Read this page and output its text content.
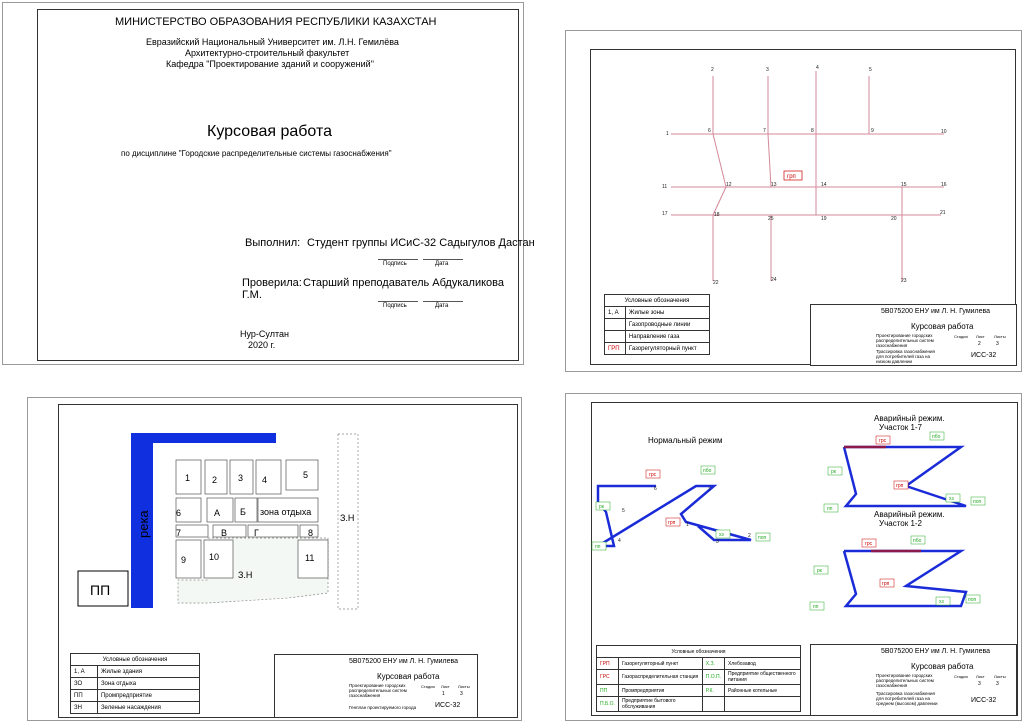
МИНИСТЕРСТВО ОБРАЗОВАНИЯ РЕСПУБЛИКИ КАЗАХСТАН
Евразийский Национальный Университет им. Л.Н. Гемилёва
Архитектурно-строительный факультет
Кафедра "Проектирование зданий и сооружений"
Курсовая работа
по дисциплине "Городские распределительные системы газоснабжения"
Выполнил: Студент группы ИСиС-32 Садыгулов Дастан
Подпись	Дата
Проверила: Старший преподаватель Абдукаликова
Г.М.
Подпись	Дата
Нур-Султан
2020 г.
1
2	3	4	5
6	7	8	9	10
11	12	13	14	15	16
17	18
19	20
21
22	23
24
25
грп
Условные обозначения	
1, А	Жилые зоны
	Газопроводные линии
	Направление газа
ГРП	Газорегуляторный пункт
5В075200 ЕНУ им Л. Н. Гумилева
Курсовая работа
Проектирование городских распределительных систем газоснабжения
Трассировка газоснабжения для потребителей газа на низком давлении
Стадия Лист Листы
2	3
ИСС-32
река	З.Н
З.Н
ПП
1 2 3 4	5
6	А Б зона отдыха
7	В	Г	8
9	10	11
Условные обозначения	
1, А	Жилые здания
ЗО	Зона отдыха
ПП	Промпредприятие
ЗН	Зеленые насаждения
5В075200 ЕНУ им Л. Н. Гумилева
Курсовая работа
Проектирование городских распределительных систем газоснабжения
Генплан проектируемого города
Стадия Лист Листы
1	3
ИСС-32
Нормальный режим
Аварийный режим.
Участок 1-7
Аварийный режим.
Участок 1-2
1
2
3
4
5
6	7
грс
пбо
рк
пп
грп
хз	поп
грс
пбо
рк
пп
грп
хз	поп
грс	пбо
рк
пп
грп
хз	поп
Условные обозначения			
ГРП	Газорегуляторный пункт	Х.З.	Хлебозавод
ГРС	Газораспределительная станция	П.О.П.	Предприятие общественного питания
ПП	Промпредприятия	Р.К.	Районные котельные
П.Б.О.	Предприятие бытового обслуживания		
5В075200 ЕНУ им Л. Н. Гумилева
Курсовая работа
Проектирование городских распределительных систем газоснабжения
Трассировка газоснабжения для потребителей газа на среднем (высоком) давлении
Стадия Лист Листы
3	3
ИСС-32
